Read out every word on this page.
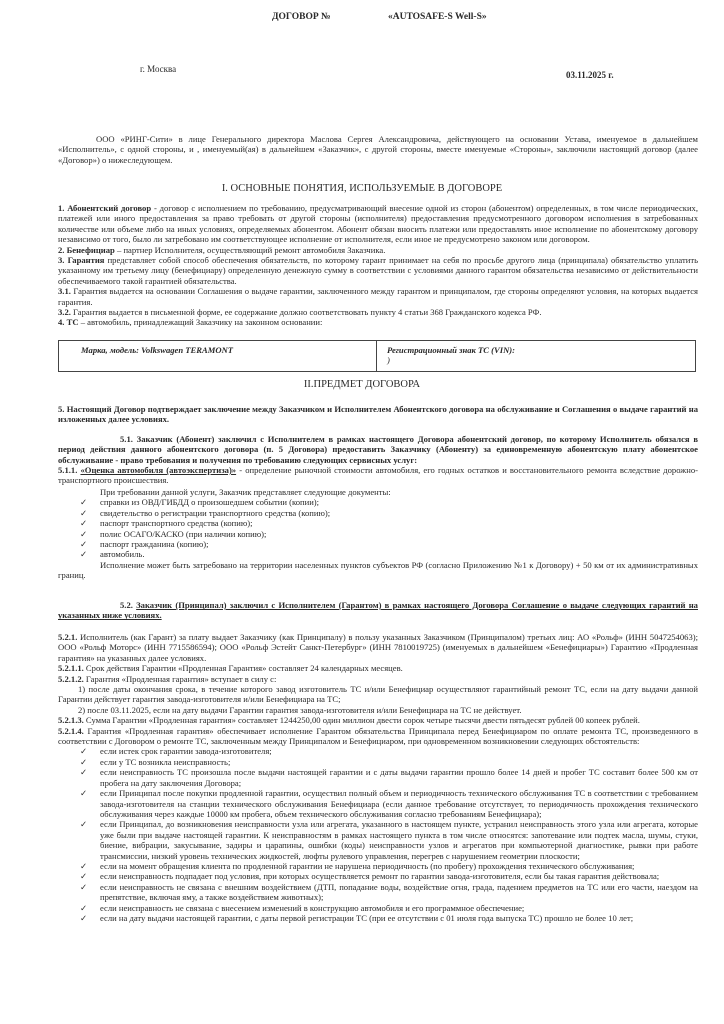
ДОГОВОР №	«AUTOSAFE-S Well-S»
г. Москва
03.11.2025 г.
ООО «РИНГ-Сити» в лице Генерального директора Маслова Сергея Александровича, действующего на основании Устава, именуемое в дальнейшем «Исполнитель», с одной стороны, и , именуемый(ая) в дальнейшем «Заказчик», с другой стороны, вместе именуемые «Стороны», заключили настоящий договор (далее «Договор») о нижеследующем.
I. ОСНОВНЫЕ ПОНЯТИЯ, ИСПОЛЬЗУЕМЫЕ В ДОГОВОРЕ
1. Абонентский договор - договор с исполнением по требованию, предусматривающий внесение одной из сторон (абонентом) определенных, в том числе периодических, платежей или иного предоставления за право требовать от другой стороны (исполнителя) предоставления предусмотренного договором исполнения в затребованных количестве или объеме либо на иных условиях, определяемых абонентом. Абонент обязан вносить платежи или предоставлять иное исполнение по абонентскому договору независимо от того, было ли затребовано им соответствующее исполнение от исполнителя, если иное не предусмотрено законом или договором.
2. Бенефициар – партнер Исполнителя, осуществляющий ремонт автомобиля Заказчика.
3. Гарантия представляет собой способ обеспечения обязательств, по которому гарант принимает на себя по просьбе другого лица (принципала) обязательство уплатить указанному им третьему лицу (бенефициару) определенную денежную сумму в соответствии с условиями данного гарантом обязательства независимо от действительности обеспечиваемого такой гарантией обязательства.
3.1. Гарантия выдается на основании Соглашения о выдаче гарантии, заключенного между гарантом и принципалом, где стороны определяют условия, на которых выдается гарантия.
3.2. Гарантия выдается в письменной форме, ее содержание должно соответствовать пункту 4 статьи 368 Гражданского кодекса РФ.
4. ТС – автомобиль, принадлежащий Заказчику на законном основании:
Марка, модель: Volkswagen TERAMONT	Регистрационный знак ТС (VIN):
)
II.ПРЕДМЕТ ДОГОВОРА
5. Настоящий Договор подтверждает заключение между Заказчиком и Исполнителем Абонентского договора на обслуживание и Соглашения о выдаче гарантий на изложенных далее условиях.
5.1. Заказчик (Абонент) заключил с Исполнителем в рамках настоящего Договора абонентский договор, по которому Исполнитель обязался в период действия данного абонентского договора (п. 5 Договора) предоставить Заказчику (Абоненту) за единовременную абонентскую плату абонентское обслуживание - право требования и получения по требованию следующих сервисных услуг:
5.1.1. «Оценка автомобиля (автоэкспертиза)» - определение рыночной стоимости автомобиля, его годных остатков и восстановительного ремонта вследствие дорожно-транспортного происшествия.
При требовании данной услуги, Заказчик представляет следующие документы:
✓ справки из ОВД/ГИБДД о произошедшем событии (копии);
✓ свидетельство о регистрации транспортного средства (копию);
✓ паспорт транспортного средства (копию);
✓ полис ОСАГО/КАСКО (при наличии копию);
✓ паспорт гражданина (копию);
✓ автомобиль.
Исполнение может быть затребовано на территории населенных пунктов субъектов РФ (согласно Приложению №1 к Договору) + 50 км от их административных границ.
5.2. Заказчик (Принципал) заключил с Исполнителем (Гарантом) в рамках настоящего Договора Соглашение о выдаче следующих гарантий на указанных ниже условиях.
5.2.1. Исполнитель (как Гарант) за плату выдает Заказчику (как Принципалу) в пользу указанных Заказчиком (Принципалом) третьих лиц: АО «Рольф» (ИНН 5047254063); ООО «Рольф Моторс» (ИНН 7715586594); ООО «Рольф Эстейт Санкт-Петербург» (ИНН 7810019725) (именуемых в дальнейшем «Бенефициары») Гарантию «Продленная гарантия» на указанных далее условиях.
5.2.1.1. Срок действия Гарантии «Продленная Гарантия» составляет 24 календарных месяцев.
5.2.1.2. Гарантия «Продленная гарантия» вступает в силу с:
1) после даты окончания срока, в течение которого завод изготовитель ТС и/или Бенефициар осуществляют гарантийный ремонт ТС, если на дату выдачи данной Гарантии действует гарантия завода-изготовителя и/или Бенефициара на ТС;
2) после 03.11.2025, если на дату выдачи Гарантии гарантия завода-изготовителя и/или Бенефициара на ТС не действует.
5.2.1.3. Сумма Гарантии «Продленная гарантия» составляет 1244250,00 один миллион двести сорок четыре тысячи двести пятьдесят рублей 00 копеек рублей.
5.2.1.4. Гарантия «Продленная гарантия» обеспечивает исполнение Гарантом обязательства Принципала перед Бенефициаром по оплате ремонта ТС, произведенного в соответствии с Договором о ремонте ТС, заключенным между Принципалом и Бенефициаром, при одновременном возникновении следующих обстоятельств:
✓ если истек срок гарантии завода-изготовителя;
✓ если у ТС возникла неисправность;
✓ если неисправность ТС произошла после выдачи настоящей гарантии и с даты выдачи гарантии прошло более 14 дней и пробег ТС составит более 500 км от пробега на дату заключения Договора;
✓ если Принципал после покупки продленной гарантии, осуществил полный объем и периодичность технического обслуживания ТС в соответствии с требованием завода-изготовителя на станции технического обслуживания Бенефициара (если данное требование отсутствует, то периодичность прохождения технического обслуживания через каждые 10000 км пробега, объем технического обслуживания согласно требованиям Бенефициара);
✓ если Принципал, до возникновения неисправности узла или агрегата, указанного в настоящем пункте, устранил неисправность этого узла или агрегата, которые уже были при выдаче настоящей гарантии. К неисправностям в рамках настоящего пункта в том числе относятся: запотевание или подтек масла, шумы, стуки, биение, вибрации, закусывание, задиры и царапины, ошибки (коды) неисправности узлов и агрегатов при компьютерной диагностике, рывки при работе трансмиссии, низкий уровень технических жидкостей, люфты рулевого управления, перегрев с нарушением геометрии плоскости;
✓ если на момент обращения клиента по продленной гарантии не нарушена периодичность (по пробегу) прохождения технического обслуживания;
✓ если неисправность подпадает под условия, при которых осуществляется ремонт по гарантии завода-изготовителя, если бы такая гарантия действовала;
✓ если неисправность не связана с внешним воздействием (ДТП, попадание воды, воздействие огня, града, падением предметов на ТС или его части, наездом на препятствие, включая яму, а также воздействием животных);
✓ если неисправность не связана с внесением изменений в конструкцию автомобиля и его программное обеспечение;
✓ если на дату выдачи настоящей гарантии, с даты первой регистрации ТС (при ее отсутствии с 01 июля года выпуска ТС) прошло не более 10 лет;
